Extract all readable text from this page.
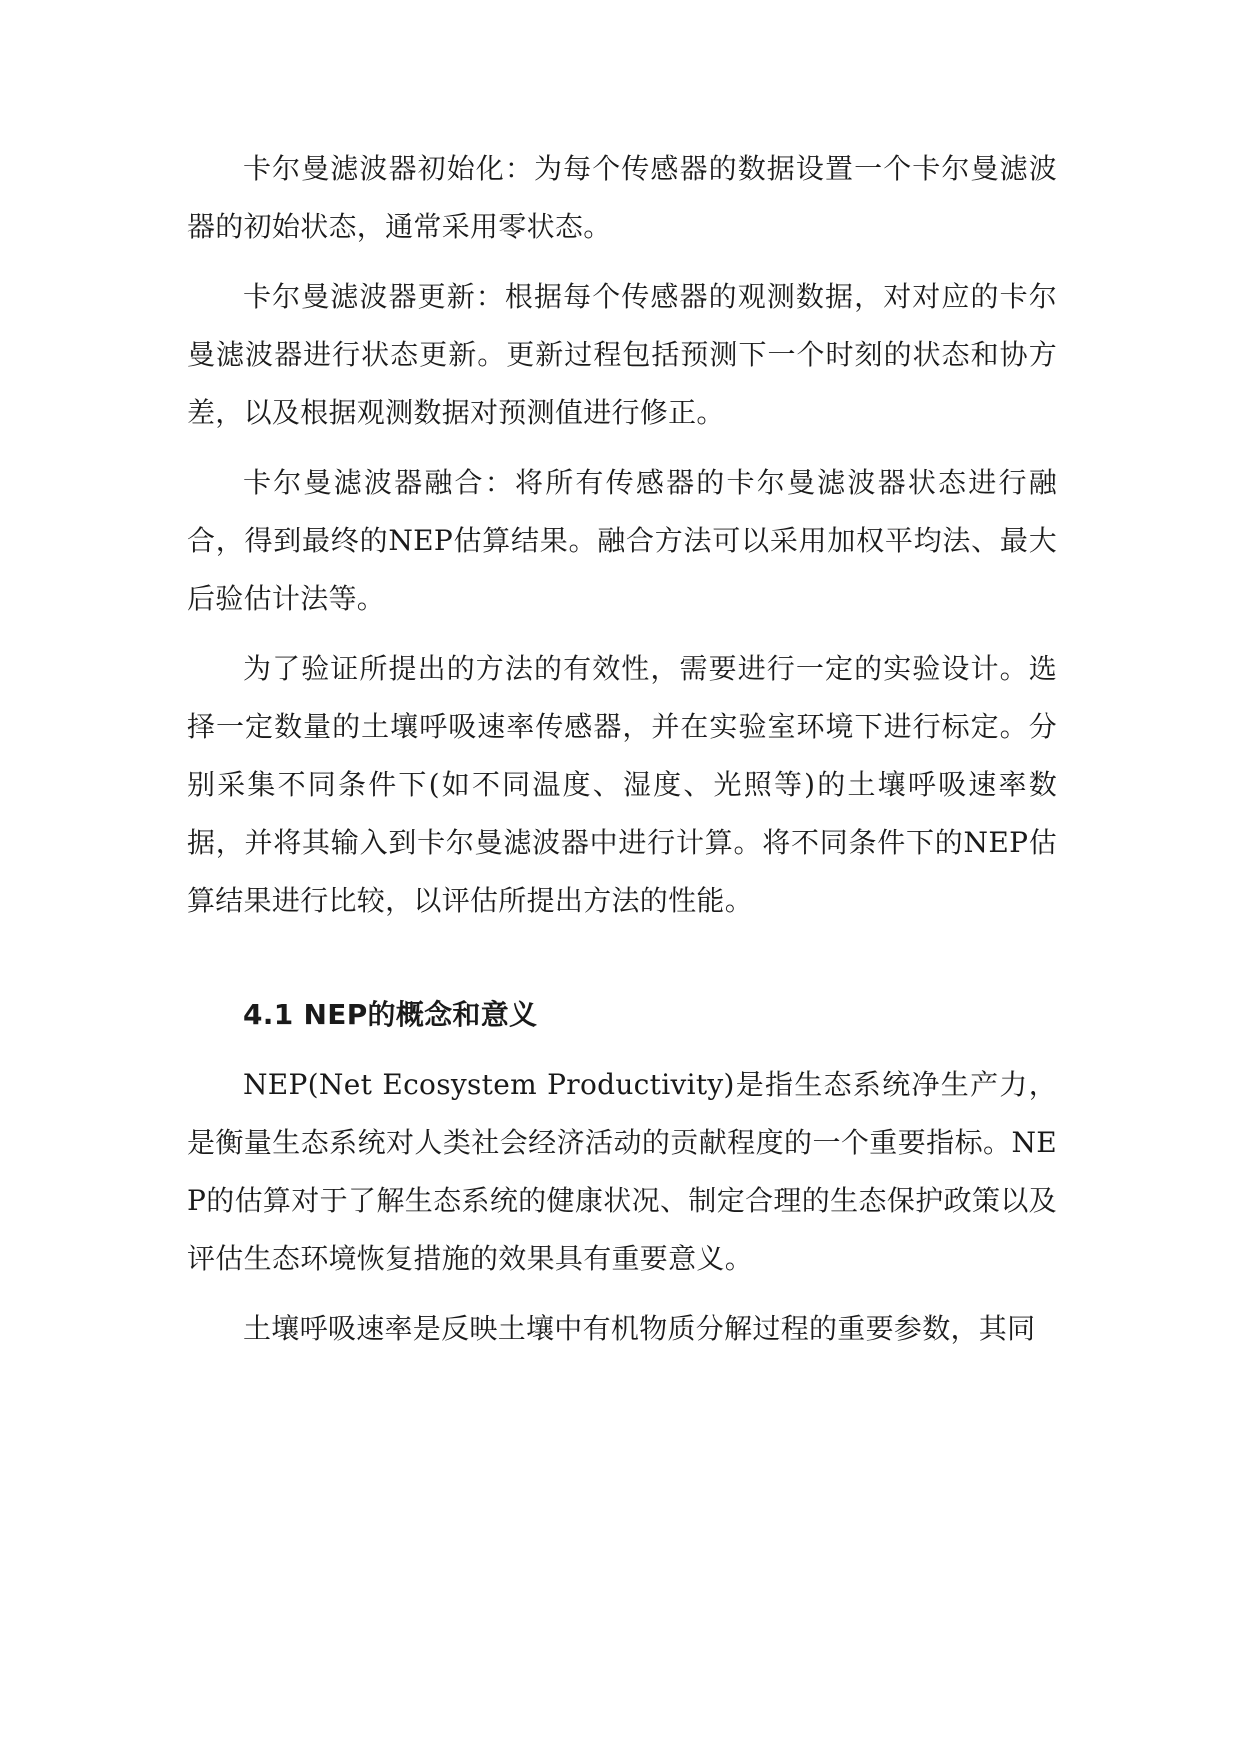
卡尔曼滤波器初始化：为每个传感器的数据设置一个卡尔曼滤波器的初始状态，通常采用零状态。

卡尔曼滤波器更新：根据每个传感器的观测数据，对对应的卡尔曼滤波器进行状态更新。更新过程包括预测下一个时刻的状态和协方差，以及根据观测数据对预测值进行修正。

卡尔曼滤波器融合：将所有传感器的卡尔曼滤波器状态进行融合，得到最终的NEP估算结果。融合方法可以采用加权平均法、最大后验估计法等。

为了验证所提出的方法的有效性，需要进行一定的实验设计。选择一定数量的土壤呼吸速率传感器，并在实验室环境下进行标定。分别采集不同条件下(如不同温度、湿度、光照等)的土壤呼吸速率数据，并将其输入到卡尔曼滤波器中进行计算。将不同条件下的NEP估算结果进行比较，以评估所提出方法的性能。

4.1 NEP的概念和意义

NEP(Net Ecosystem Productivity)是指生态系统净生产力，是衡量生态系统对人类社会经济活动的贡献程度的一个重要指标。NEP的估算对于了解生态系统的健康状况、制定合理的生态保护政策以及评估生态环境恢复措施的效果具有重要意义。

土壤呼吸速率是反映土壤中有机物质分解过程的重要参数，其同
